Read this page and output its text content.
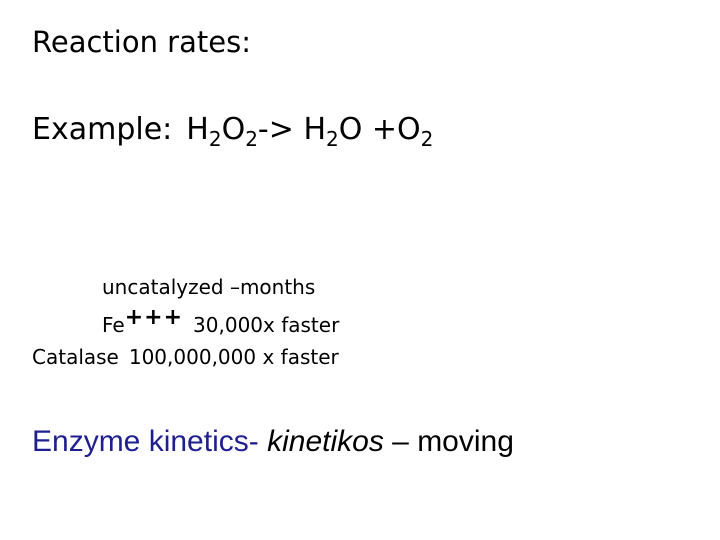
Reaction rates:
Example: $H_2O_2-> H_2O +O_2$
uncatalyzed –months
Fe+++ 30,000x faster
Catalase 100,000,000 x faster
Enzyme kinetics- kinetikos – moving
